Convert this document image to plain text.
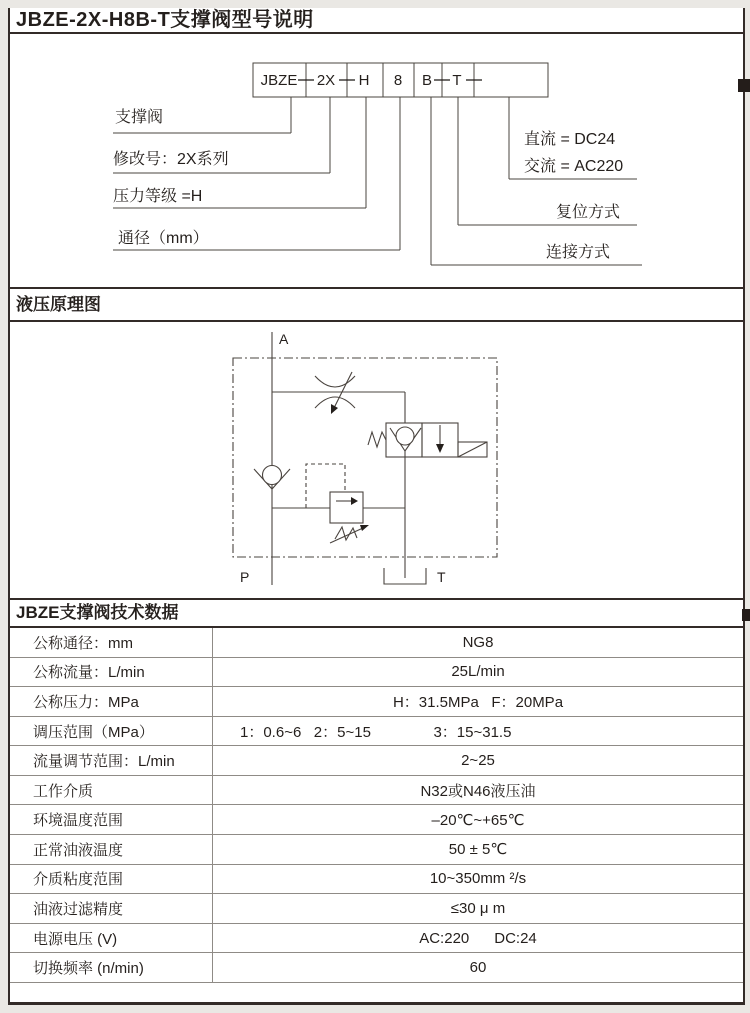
JBZE-2X-H8B-T支撑阀型号说明
JBZE 2X H 8 B T
支撑阀
修改号：2X系列
压力等级 =H
通径（mm）
直流 = DC24
交流 = AC220
复位方式
连接方式
液压原理图
A
P	T
JBZE支撑阀技术数据
公称通径：mm	NG8
公称流量：L/min	25L/min
公称压力：MPa	H：31.5MPa   F：20MPa
调压范围（MPa）	1：0.6~6   2：5~15               3：15~31.5
流量调节范围：L/min	2~25
工作介质	N32或N46液压油
环境温度范围	–20℃~+65℃
正常油液温度	50 ± 5℃
介质粘度范围	10~350mm ²/s
油液过滤精度	≤30 μ m
电源电压 (V)	AC:220      DC:24
切换频率 (n/min)	60
